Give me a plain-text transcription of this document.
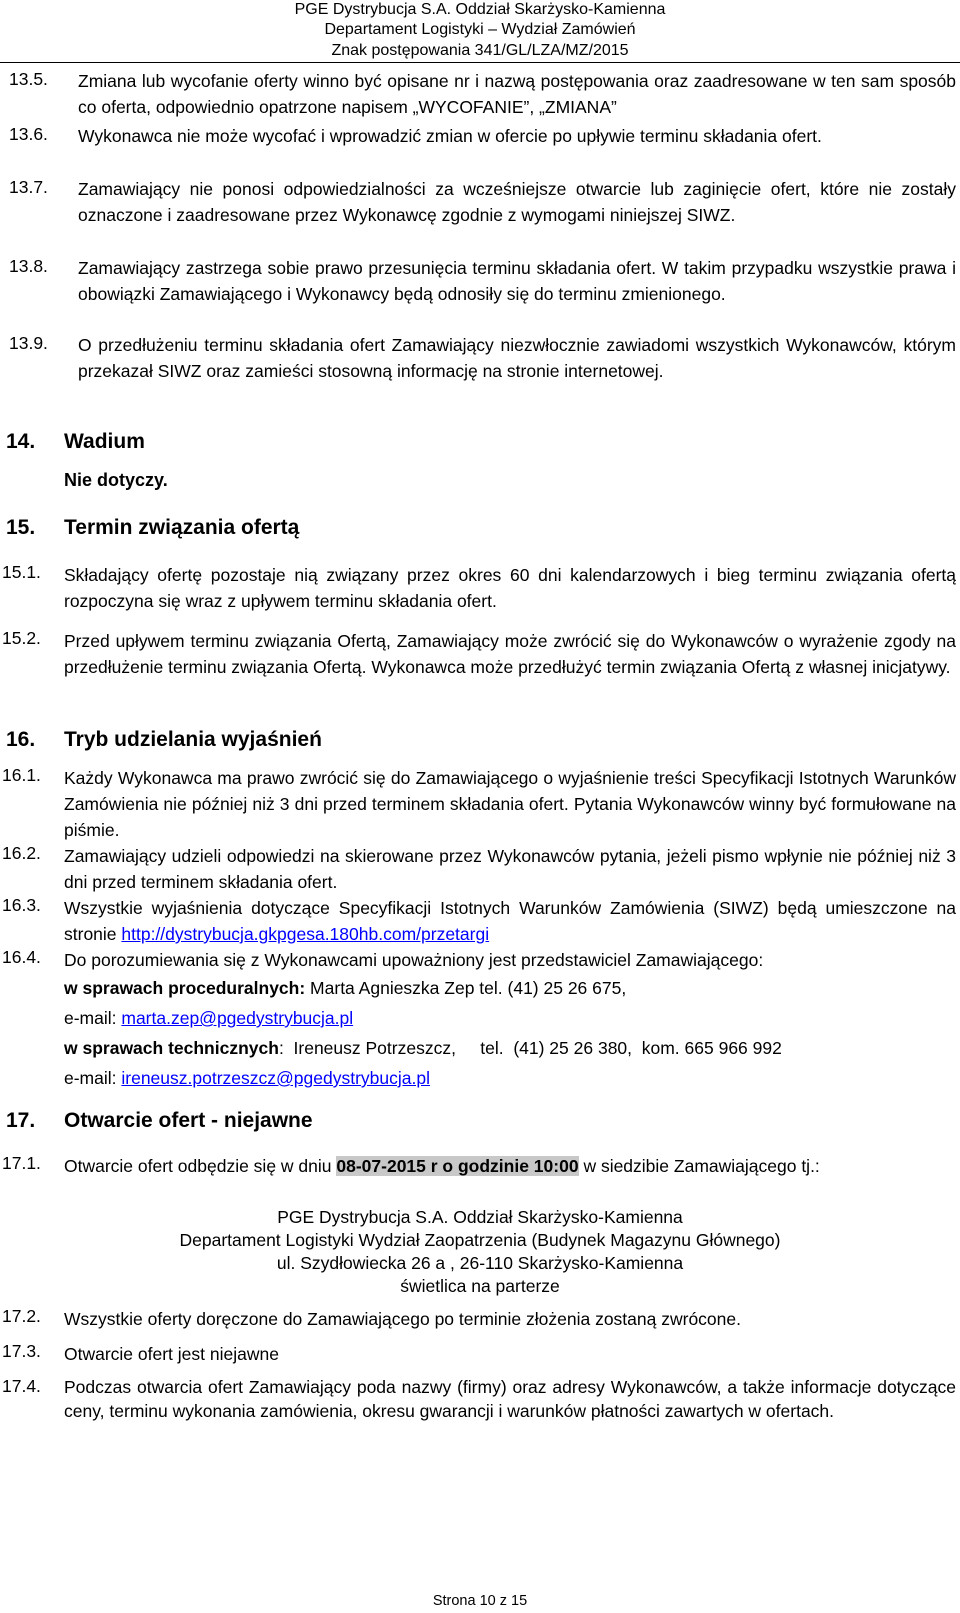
PGE Dystrybucja S.A. Oddział Skarżysko-Kamienna
Departament Logistyki – Wydział Zamówień
Znak postępowania 341/GL/LZA/MZ/2015
13.5. Zmiana lub wycofanie oferty winno być opisane nr i nazwą postępowania oraz zaadresowane w ten sam sposób co oferta, odpowiednio opatrzone napisem „WYCOFANIE”, „ZMIANA”
13.6. Wykonawca nie może wycofać i wprowadzić zmian w ofercie po upływie terminu składania ofert.
13.7. Zamawiający nie ponosi odpowiedzialności za wcześniejsze otwarcie lub zaginięcie ofert, które nie zostały oznaczone i zaadresowane przez Wykonawcę zgodnie z wymogami niniejszej SIWZ.
13.8. Zamawiający zastrzega sobie prawo przesunięcia terminu składania ofert. W takim przypadku wszystkie prawa i obowiązki Zamawiającego i Wykonawcy będą odnosiły się do terminu zmienionego.
13.9. O przedłużeniu terminu składania ofert Zamawiający niezwłocznie zawiadomi wszystkich Wykonawców, którym przekazał SIWZ oraz zamieści stosowną informację na stronie internetowej.
14. Wadium
Nie dotyczy.
15. Termin związania ofertą
15.1. Składający ofertę pozostaje nią związany przez okres 60 dni kalendarzowych i bieg terminu związania ofertą rozpoczyna się wraz z upływem terminu składania ofert.
15.2. Przed upływem terminu związania Ofertą, Zamawiający może zwrócić się do Wykonawców o wyrażenie zgody na przedłużenie terminu związania Ofertą. Wykonawca może przedłużyć termin związania Ofertą z własnej inicjatywy.
16. Tryb udzielania wyjaśnień
16.1. Każdy Wykonawca ma prawo zwrócić się do Zamawiającego o wyjaśnienie treści Specyfikacji Istotnych Warunków Zamówienia nie później niż 3 dni przed terminem składania ofert. Pytania Wykonawców winny być formułowane na piśmie.
16.2. Zamawiający udzieli odpowiedzi na skierowane przez Wykonawców pytania, jeżeli pismo wpłynie nie później niż 3 dni przed terminem składania ofert.
16.3. Wszystkie wyjaśnienia dotyczące Specyfikacji Istotnych Warunków Zamówienia (SIWZ) będą umieszczone na stronie http://dystrybucja.gkpgesa.180hb.com/przetargi
16.4. Do porozumiewania się z Wykonawcami upoważniony jest przedstawiciel Zamawiającego:
w sprawach proceduralnych: Marta Agnieszka Zep tel. (41) 25 26 675,
e-mail: marta.zep@pgedystrybucja.pl
w sprawach technicznych:  Ireneusz Potrzeszcz,     tel.  (41) 25 26 380,  kom. 665 966 992
e-mail: ireneusz.potrzeszcz@pgedystrybucja.pl
17. Otwarcie ofert - niejawne
17.1. Otwarcie ofert odbędzie się w dniu 08-07-2015 r o godzinie 10:00 w siedzibie Zamawiającego tj.:
PGE Dystrybucja S.A. Oddział Skarżysko-Kamienna
Departament Logistyki Wydział Zaopatrzenia (Budynek Magazynu Głównego)
ul. Szydłowiecka 26 a , 26-110 Skarżysko-Kamienna
świetlica na parterze
17.2. Wszystkie oferty doręczone do Zamawiającego po terminie złożenia zostaną zwrócone.
17.3. Otwarcie ofert jest niejawne
17.4. Podczas otwarcia ofert Zamawiający poda nazwy (firmy) oraz adresy Wykonawców, a także informacje dotyczące ceny, terminu wykonania zamówienia, okresu gwarancji i warunków płatności zawartych w ofertach.
Strona 10 z 15
